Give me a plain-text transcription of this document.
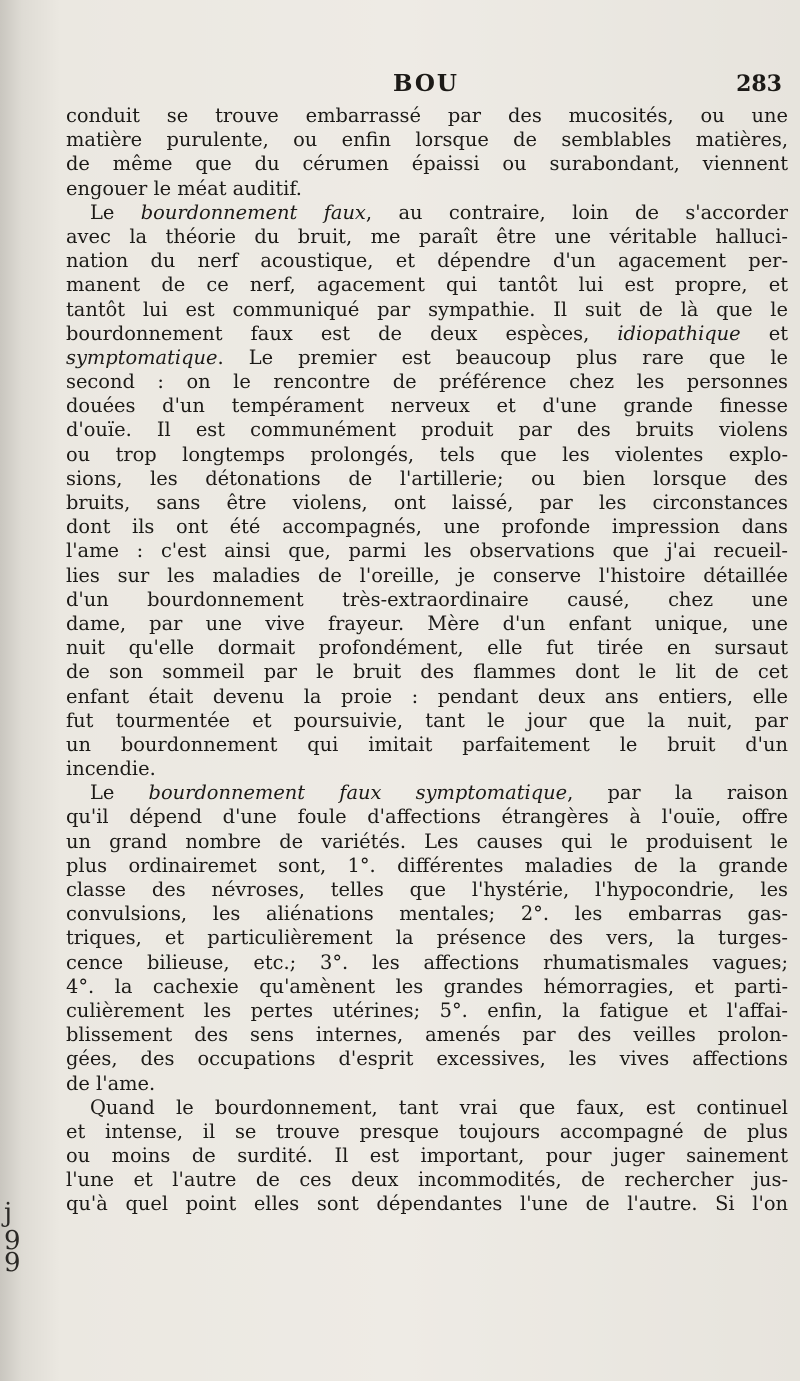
BOU	283
conduit se trouve embarrassé par des mucosités, ou une
matière purulente, ou enfin lorsque de semblables matières,
de même que du cérumen épaissi ou surabondant, viennent
engouer le méat auditif.
Le bourdonnement faux, au contraire, loin de s'accorder
avec la théorie du bruit, me paraît être une véritable halluci-
nation du nerf acoustique, et dépendre d'un agacement per-
manent de ce nerf, agacement qui tantôt lui est propre, et
tantôt lui est communiqué par sympathie. Il suit de là que le
bourdonnement faux est de deux espèces, idiopathique et
symptomatique. Le premier est beaucoup plus rare que le
second : on le rencontre de préférence chez les personnes
douées d'un tempérament nerveux et d'une grande finesse
d'ouïe. Il est communément produit par des bruits violens
ou trop longtemps prolongés, tels que les violentes explo-
sions, les détonations de l'artillerie; ou bien lorsque des
bruits, sans être violens, ont laissé, par les circonstances
dont ils ont été accompagnés, une profonde impression dans
l'ame : c'est ainsi que, parmi les observations que j'ai recueil-
lies sur les maladies de l'oreille, je conserve l'histoire détaillée
d'un bourdonnement très-extraordinaire causé, chez une
dame, par une vive frayeur. Mère d'un enfant unique, une
nuit qu'elle dormait profondément, elle fut tirée en sursaut
de son sommeil par le bruit des flammes dont le lit de cet
enfant était devenu la proie : pendant deux ans entiers, elle
fut tourmentée et poursuivie, tant le jour que la nuit, par
un bourdonnement qui imitait parfaitement le bruit d'un
incendie.
Le bourdonnement faux symptomatique, par la raison
qu'il dépend d'une foule d'affections étrangères à l'ouïe, offre
un grand nombre de variétés. Les causes qui le produisent le
plus ordinairemet sont, 1°. différentes maladies de la grande
classe des névroses, telles que l'hystérie, l'hypocondrie, les
convulsions, les aliénations mentales; 2°. les embarras gas-
triques, et particulièrement la présence des vers, la turges-
cence bilieuse, etc.; 3°. les affections rhumatismales vagues;
4°. la cachexie qu'amènent les grandes hémorragies, et parti-
culièrement les pertes utérines; 5°. enfin, la fatigue et l'affai-
blissement des sens internes, amenés par des veilles prolon-
gées, des occupations d'esprit excessives, les vives affections
de l'ame.
Quand le bourdonnement, tant vrai que faux, est continuel
et intense, il se trouve presque toujours accompagné de plus
ou moins de surdité. Il est important, pour juger sainement
l'une et l'autre de ces deux incommodités, de rechercher jus-
qu'à quel point elles sont dépendantes l'une de l'autre. Si l'on
j
9
9
